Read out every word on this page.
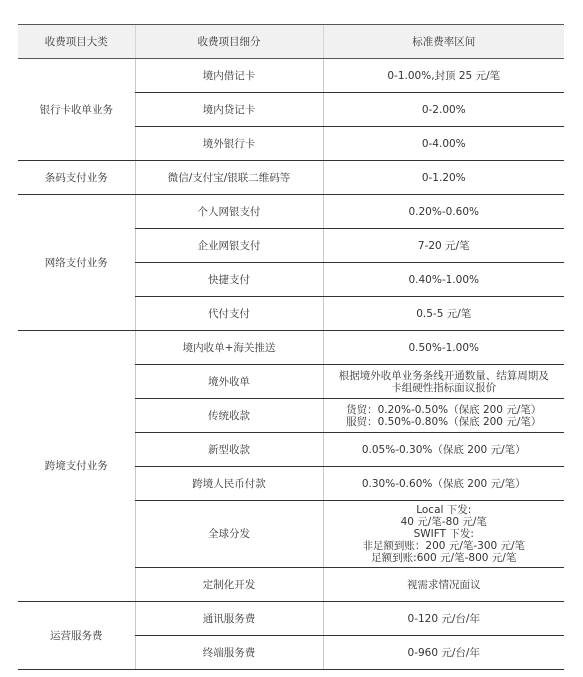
收费项目大类	收费项目细分	标准费率区间
银行卡收单业务	境内借记卡	0-1.00%,封顶 25 元/笔
	境内贷记卡	0-2.00%
	境外银行卡	0-4.00%
条码支付业务	微信/支付宝/银联二维码等	0-1.20%
网络支付业务	个人网银支付	0.20%-0.60%
	企业网银支付	7-20 元/笔
	快捷支付	0.40%-1.00%
	代付支付	0.5-5 元/笔
跨境支付业务	境内收单+海关推送	0.50%-1.00%
	境外收单	根据境外收单业务条线开通数量、结算周期及
卡组硬性指标面议报价
	传统收款	货贸：0.20%-0.50%（保底 200 元/笔）
服贸：0.50%-0.80%（保底 200 元/笔）
	新型收款	0.05%-0.30%（保底 200 元/笔）
	跨境人民币付款	0.30%-0.60%（保底 200 元/笔）
	全球分发	Local 下发:
40 元/笔-80 元/笔
SWIFT 下发:
非足额到账：200 元/笔-300 元/笔
足额到账:600 元/笔-800 元/笔
	定制化开发	视需求情况面议
运营服务费	通讯服务费	0-120 元/台/年
	终端服务费	0-960 元/台/年
